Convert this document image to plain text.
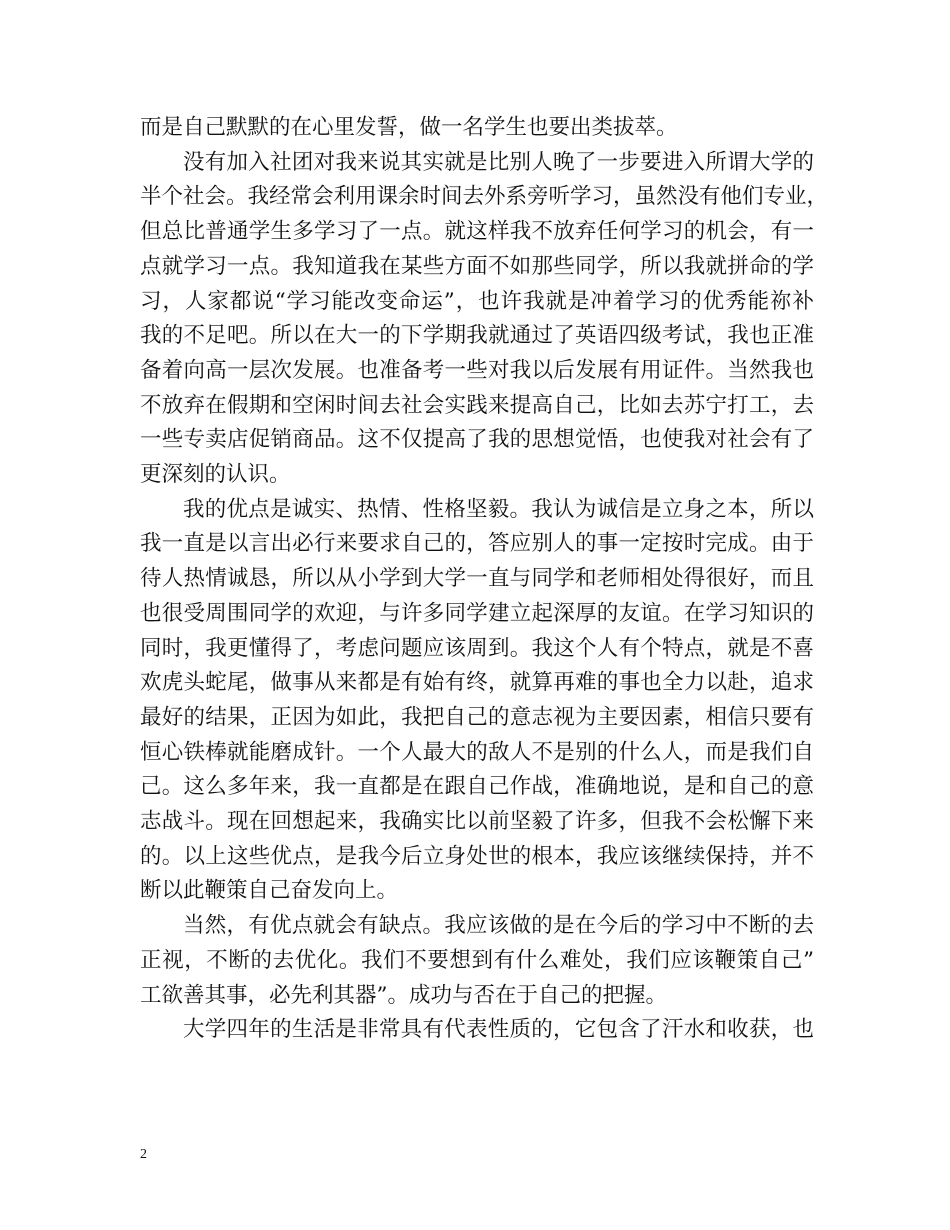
而是自己默默的在心里发誓，做一名学生也要出类拔萃。

没有加入社团对我来说其实就是比别人晚了一步要进入所谓大学的
半个社会。我经常会利用课余时间去外系旁听学习，虽然没有他们专业，
但总比普通学生多学习了一点。就这样我不放弃任何学习的机会，有一
点就学习一点。我知道我在某些方面不如那些同学，所以我就拼命的学
习，人家都说“学习能改变命运”，也许我就是冲着学习的优秀能祢补
我的不足吧。所以在大一的下学期我就通过了英语四级考试，我也正准
备着向高一层次发展。也准备考一些对我以后发展有用证件。当然我也
不放弃在假期和空闲时间去社会实践来提高自己，比如去苏宁打工，去
一些专卖店促销商品。这不仅提高了我的思想觉悟，也使我对社会有了
更深刻的认识。

我的优点是诚实、热情、性格坚毅。我认为诚信是立身之本，所以
我一直是以言出必行来要求自己的，答应别人的事一定按时完成。由于
待人热情诚恳，所以从小学到大学一直与同学和老师相处得很好，而且
也很受周围同学的欢迎，与许多同学建立起深厚的友谊。在学习知识的
同时，我更懂得了，考虑问题应该周到。我这个人有个特点，就是不喜
欢虎头蛇尾，做事从来都是有始有终，就算再难的事也全力以赴，追求
最好的结果，正因为如此，我把自己的意志视为主要因素，相信只要有
恒心铁棒就能磨成针。一个人最大的敌人不是别的什么人，而是我们自
己。这么多年来，我一直都是在跟自己作战，准确地说，是和自己的意
志战斗。现在回想起来，我确实比以前坚毅了许多，但我不会松懈下来
的。以上这些优点，是我今后立身处世的根本，我应该继续保持，并不
断以此鞭策自己奋发向上。

当然，有优点就会有缺点。我应该做的是在今后的学习中不断的去
正视，不断的去优化。我们不要想到有什么难处，我们应该鞭策自己”
工欲善其事，必先利其器”。成功与否在于自己的把握。

大学四年的生活是非常具有代表性质的，它包含了汗水和收获，也

2
